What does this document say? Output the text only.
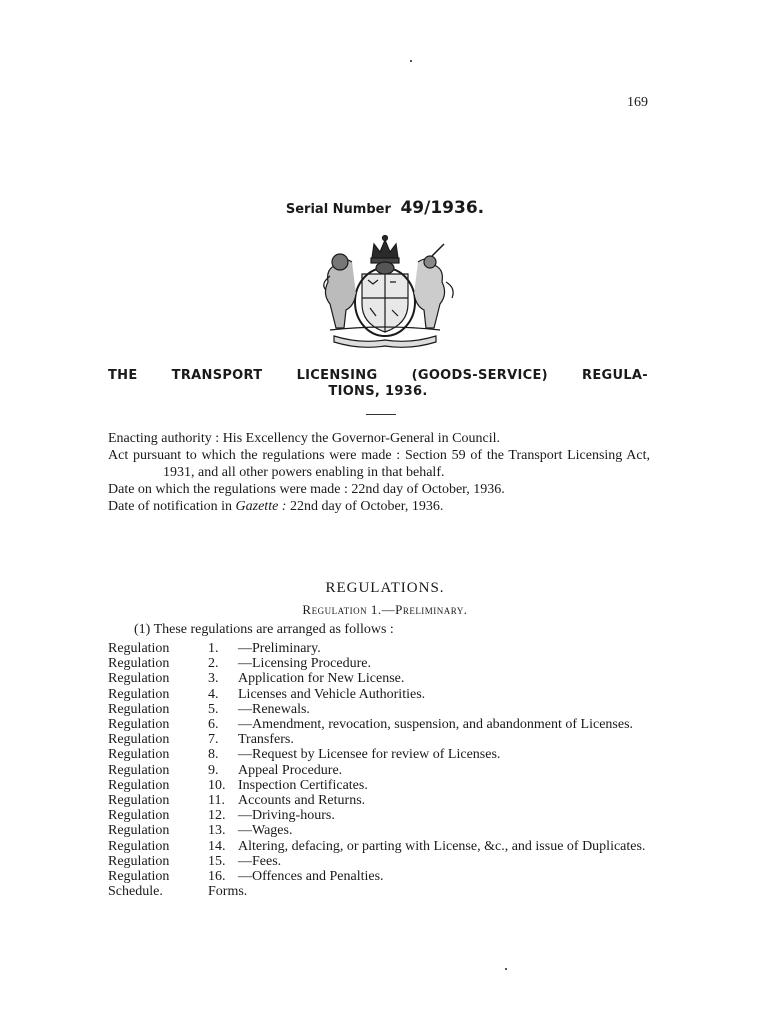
169
Serial Number 49/1936.
THE TRANSPORT LICENSING (GOODS-SERVICE) REGULA-
TIONS, 1936.

Enacting authority : His Excellency the Governor-General in Council.

Act pursuant to which the regulations were made : Section 59 of the Transport Licensing Act, 1931, and all other powers enabling in that behalf.

Date on which the regulations were made : 22nd day of October, 1936.

Date of notification in Gazette : 22nd day of October, 1936.

REGULATIONS.
Regulation 1.—Preliminary.
(1) These regulations are arranged as follows :
Regulation	1.	—Preliminary.
Regulation	2.	—Licensing Procedure.
Regulation	3.	Application for New License.
Regulation	4.	Licenses and Vehicle Authorities.
Regulation	5.	—Renewals.
Regulation	6.	—Amendment, revocation, suspension, and abandonment of Licenses.
Regulation	7.	Transfers.
Regulation	8.	—Request by Licensee for review of Licenses.
Regulation	9.	Appeal Procedure.
Regulation	10. Inspection Certificates.
Regulation	11. Accounts and Returns.
Regulation	12. —Driving-hours.
Regulation	13. —Wages.
Regulation	14. Altering, defacing, or parting with License, &c., and issue of Duplicates.
Regulation	15. —Fees.
Regulation	16. —Offences and Penalties.
Schedule.	Forms.
